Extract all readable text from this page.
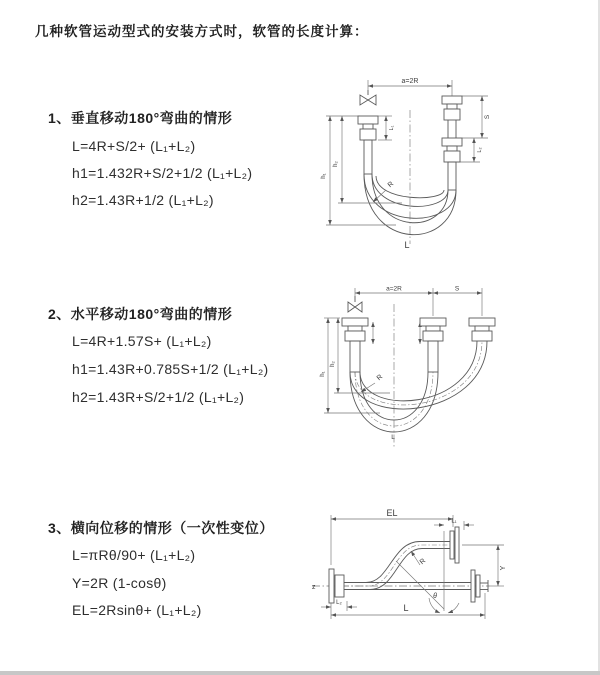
几种软管运动型式的安装方式时，软管的长度计算：
1、垂直移动180°弯曲的情形
L=4R+S/2+ (L₁+L₂)
h1=1.432R+S/2+1/2 (L₁+L₂)
h2=1.43R+1/2 (L₁+L₂)
2、水平移动180°弯曲的情形
L=4R+1.57S+ (L₁+L₂)
h1=1.43R+0.785S+1/2 (L₁+L₂)
h2=1.43R+S/2+1/2 (L₁+L₂)
3、横向位移的情形（一次性变位）
L=πRθ/90+ (L₁+L₂)
Y=2R (1-cosθ)
EL=2Rsinθ+ (L₁+L₂)
a=2R
h₁
h₂
L₁
S
L₂
R
L
a=2R	S
h₁
h₂
R
L
EL
L₁
Y
R
θ
L
L₂
z
